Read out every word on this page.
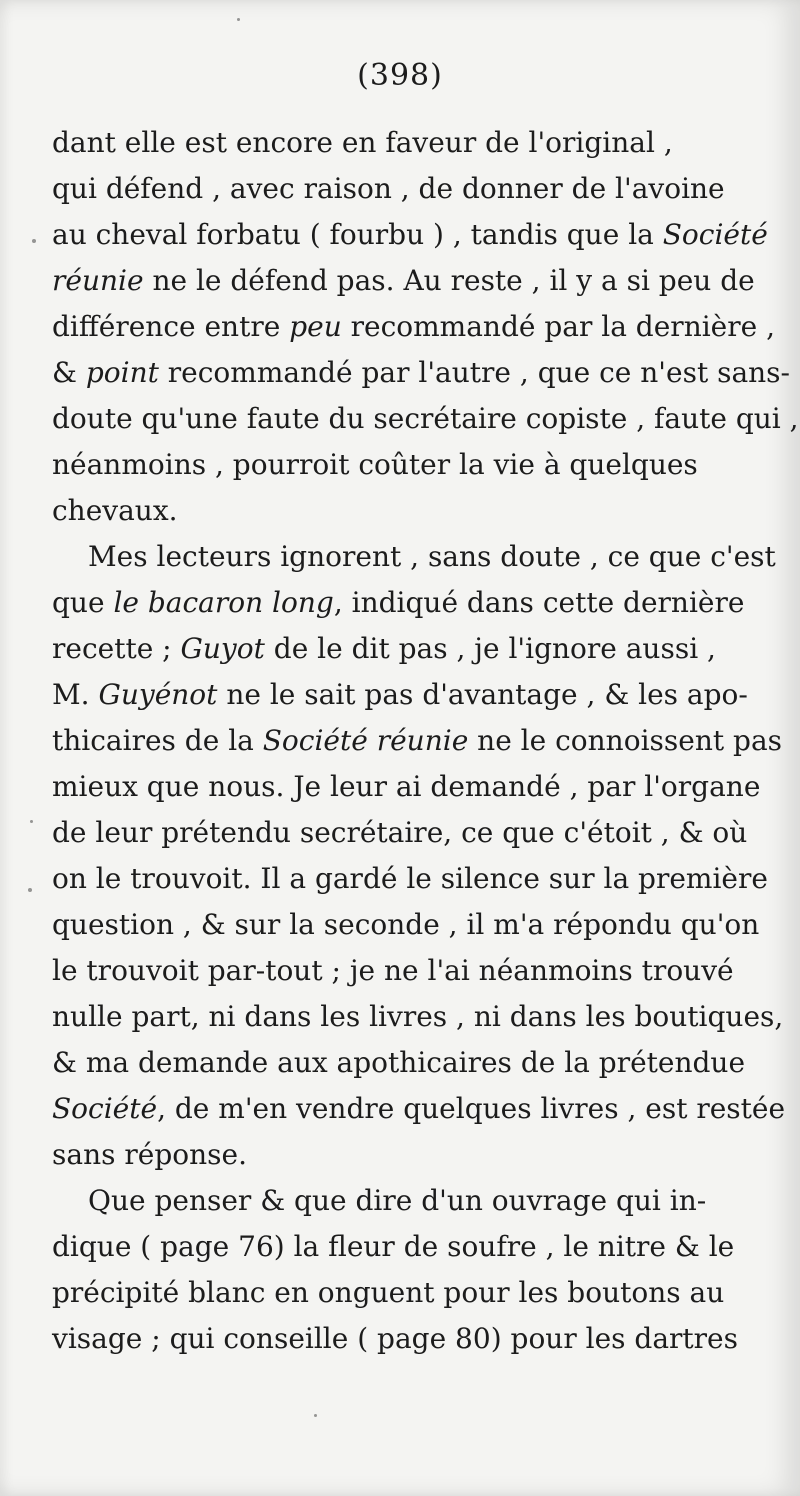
(398)
dant elle est encore en faveur de l'original ,
qui défend , avec raison , de donner de l'avoine
au cheval forbatu ( fourbu ) , tandis que la Société
réunie ne le défend pas. Au reste , il y a si peu de
différence entre peu recommandé par la dernière ,
& point recommandé par l'autre , que ce n'est sans-
doute qu'une faute du secrétaire copiste , faute qui ,
néanmoins , pourroit coûter la vie à quelques
chevaux.
Mes lecteurs ignorent , sans doute , ce que c'est
que le bacaron long, indiqué dans cette dernière
recette ; Guyot de le dit pas , je l'ignore aussi ,
M. Guyénot ne le sait pas d'avantage , & les apo-
thicaires de la Société réunie ne le connoissent pas
mieux que nous. Je leur ai demandé , par l'organe
de leur prétendu secrétaire, ce que c'étoit , & où
on le trouvoit. Il a gardé le silence sur la première
question , & sur la seconde , il m'a répondu qu'on
le trouvoit par-tout ; je ne l'ai néanmoins trouvé
nulle part, ni dans les livres , ni dans les boutiques,
& ma demande aux apothicaires de la prétendue
Société, de m'en vendre quelques livres , est restée
sans réponse.
Que penser & que dire d'un ouvrage qui in-
dique ( page 76) la fleur de soufre , le nitre & le
précipité blanc en onguent pour les boutons au
visage ; qui conseille ( page 80) pour les dartres
